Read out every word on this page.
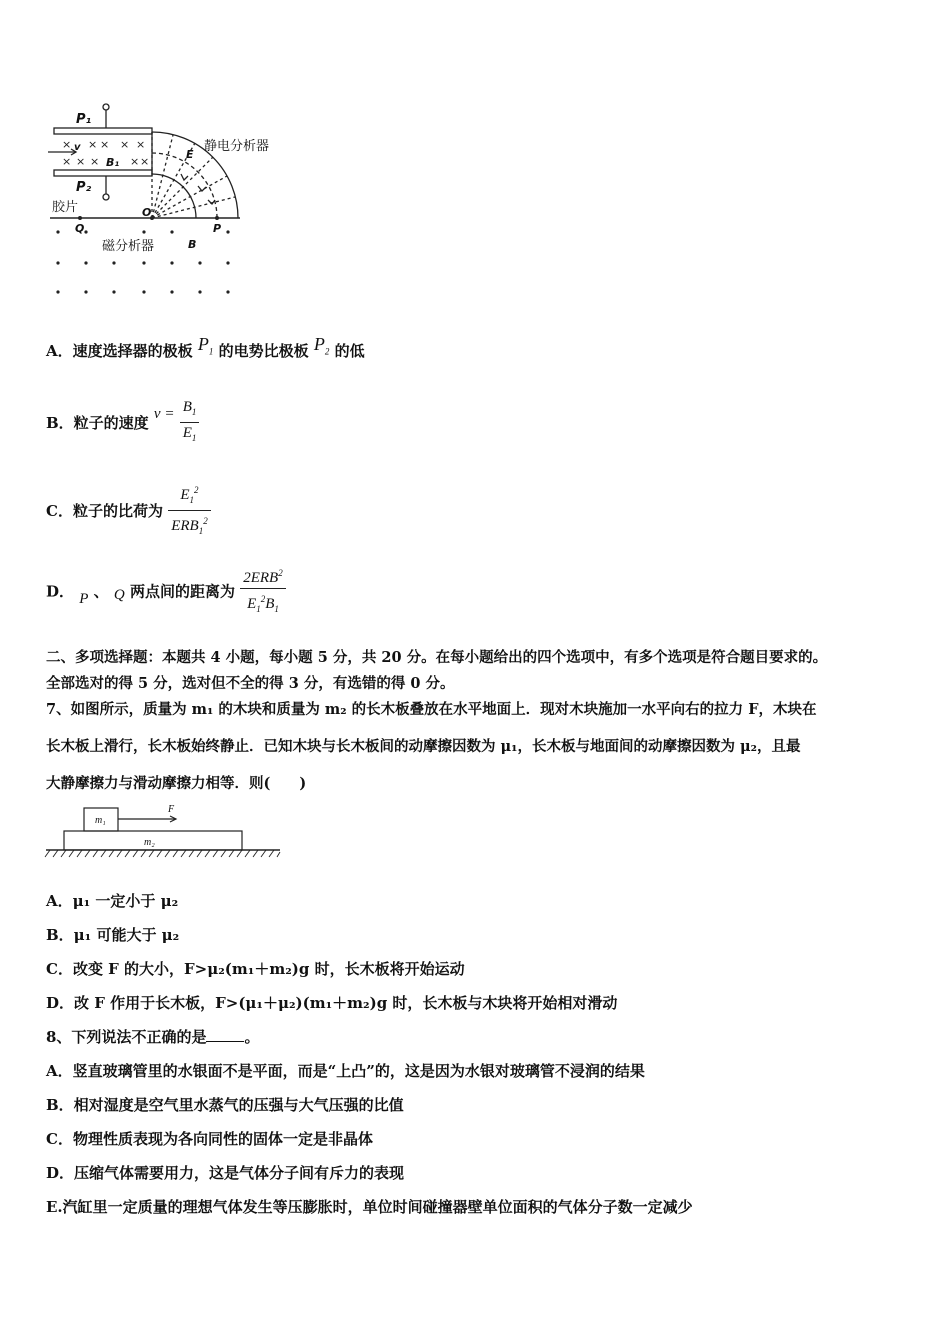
× × × × ×
× × ×	× ×
P₁
P₂
v
B₁
E
O
Q	P
B
胶片
静电分析器
磁分析器
A．速度选择器的极板 $P_1$ 的电势比极板 $P_2$ 的低
B．粒子的速度 $v = \frac{B_1}{E_1}$
C．粒子的比荷为 $\frac{E_1^2}{ERB_1^2}$
D． P 、 Q 两点间的距离为 $\frac{2ERB^2}{E_1^2B_1}$
二、多项选择题：本题共 4 小题，每小题 5 分，共 20 分。在每小题给出的四个选项中，有多个选项是符合题目要求的。
全部选对的得 5 分，选对但不全的得 3 分，有选错的得 0 分。
7、如图所示，质量为 m₁ 的木块和质量为 m₂ 的长木板叠放在水平地面上．现对木块施加一水平向右的拉力 F，木块在
长木板上滑行，长木板始终静止．已知木块与长木板间的动摩擦因数为 μ₁，长木板与地面间的动摩擦因数为 μ₂，且最
大静摩擦力与滑动摩擦力相等．则(　　)
m₁
m₂
F
A．μ₁ 一定小于 μ₂
B．μ₁ 可能大于 μ₂
C．改变 F 的大小，F>μ₂(m₁＋m₂)g 时，长木板将开始运动
D．改 F 作用于长木板，F>(μ₁＋μ₂)(m₁＋m₂)g 时，长木板与木块将开始相对滑动
8、下列说法不正确的是	。
A．竖直玻璃管里的水银面不是平面，而是“上凸”的，这是因为水银对玻璃管不浸润的结果
B．相对湿度是空气里水蒸气的压强与大气压强的比值
C．物理性质表现为各向同性的固体一定是非晶体
D．压缩气体需要用力，这是气体分子间有斥力的表现
E.汽缸里一定质量的理想气体发生等压膨胀时，单位时间碰撞器壁单位面积的气体分子数一定减少
